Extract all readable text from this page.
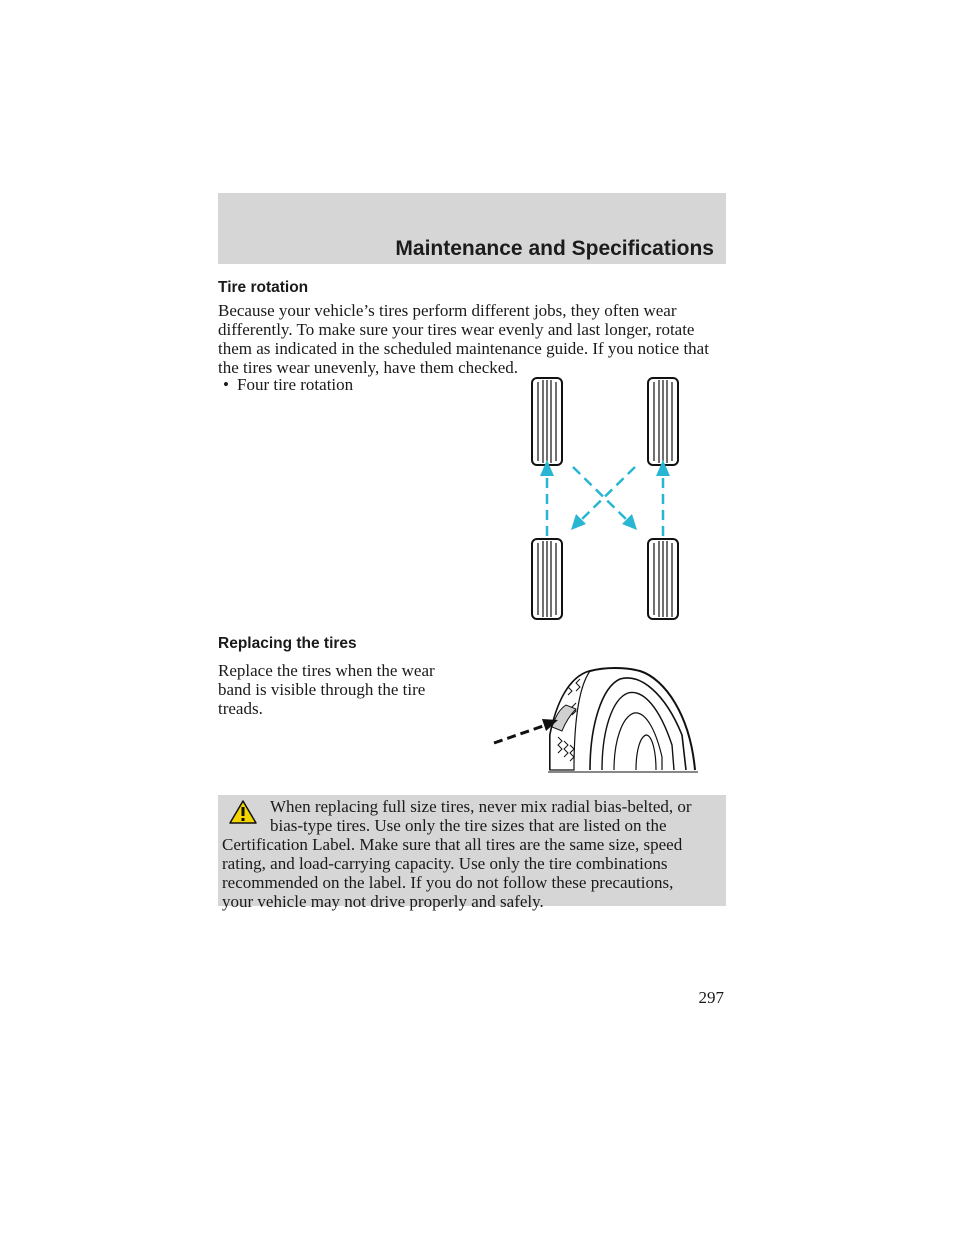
Maintenance and Specifications
Tire rotation
Because your vehicle’s tires perform different jobs, they often wear
differently. To make sure your tires wear evenly and last longer, rotate
them as indicated in the scheduled maintenance guide. If you notice that
the tires wear unevenly, have them checked.
• Four tire rotation
Replacing the tires
Replace the tires when the wear
band is visible through the tire
treads.
When replacing full size tires, never mix radial bias-belted, or
bias-type tires. Use only the tire sizes that are listed on the
Certification Label. Make sure that all tires are the same size, speed
rating, and load-carrying capacity. Use only the tire combinations
recommended on the label. If you do not follow these precautions,
your vehicle may not drive properly and safely.
297
